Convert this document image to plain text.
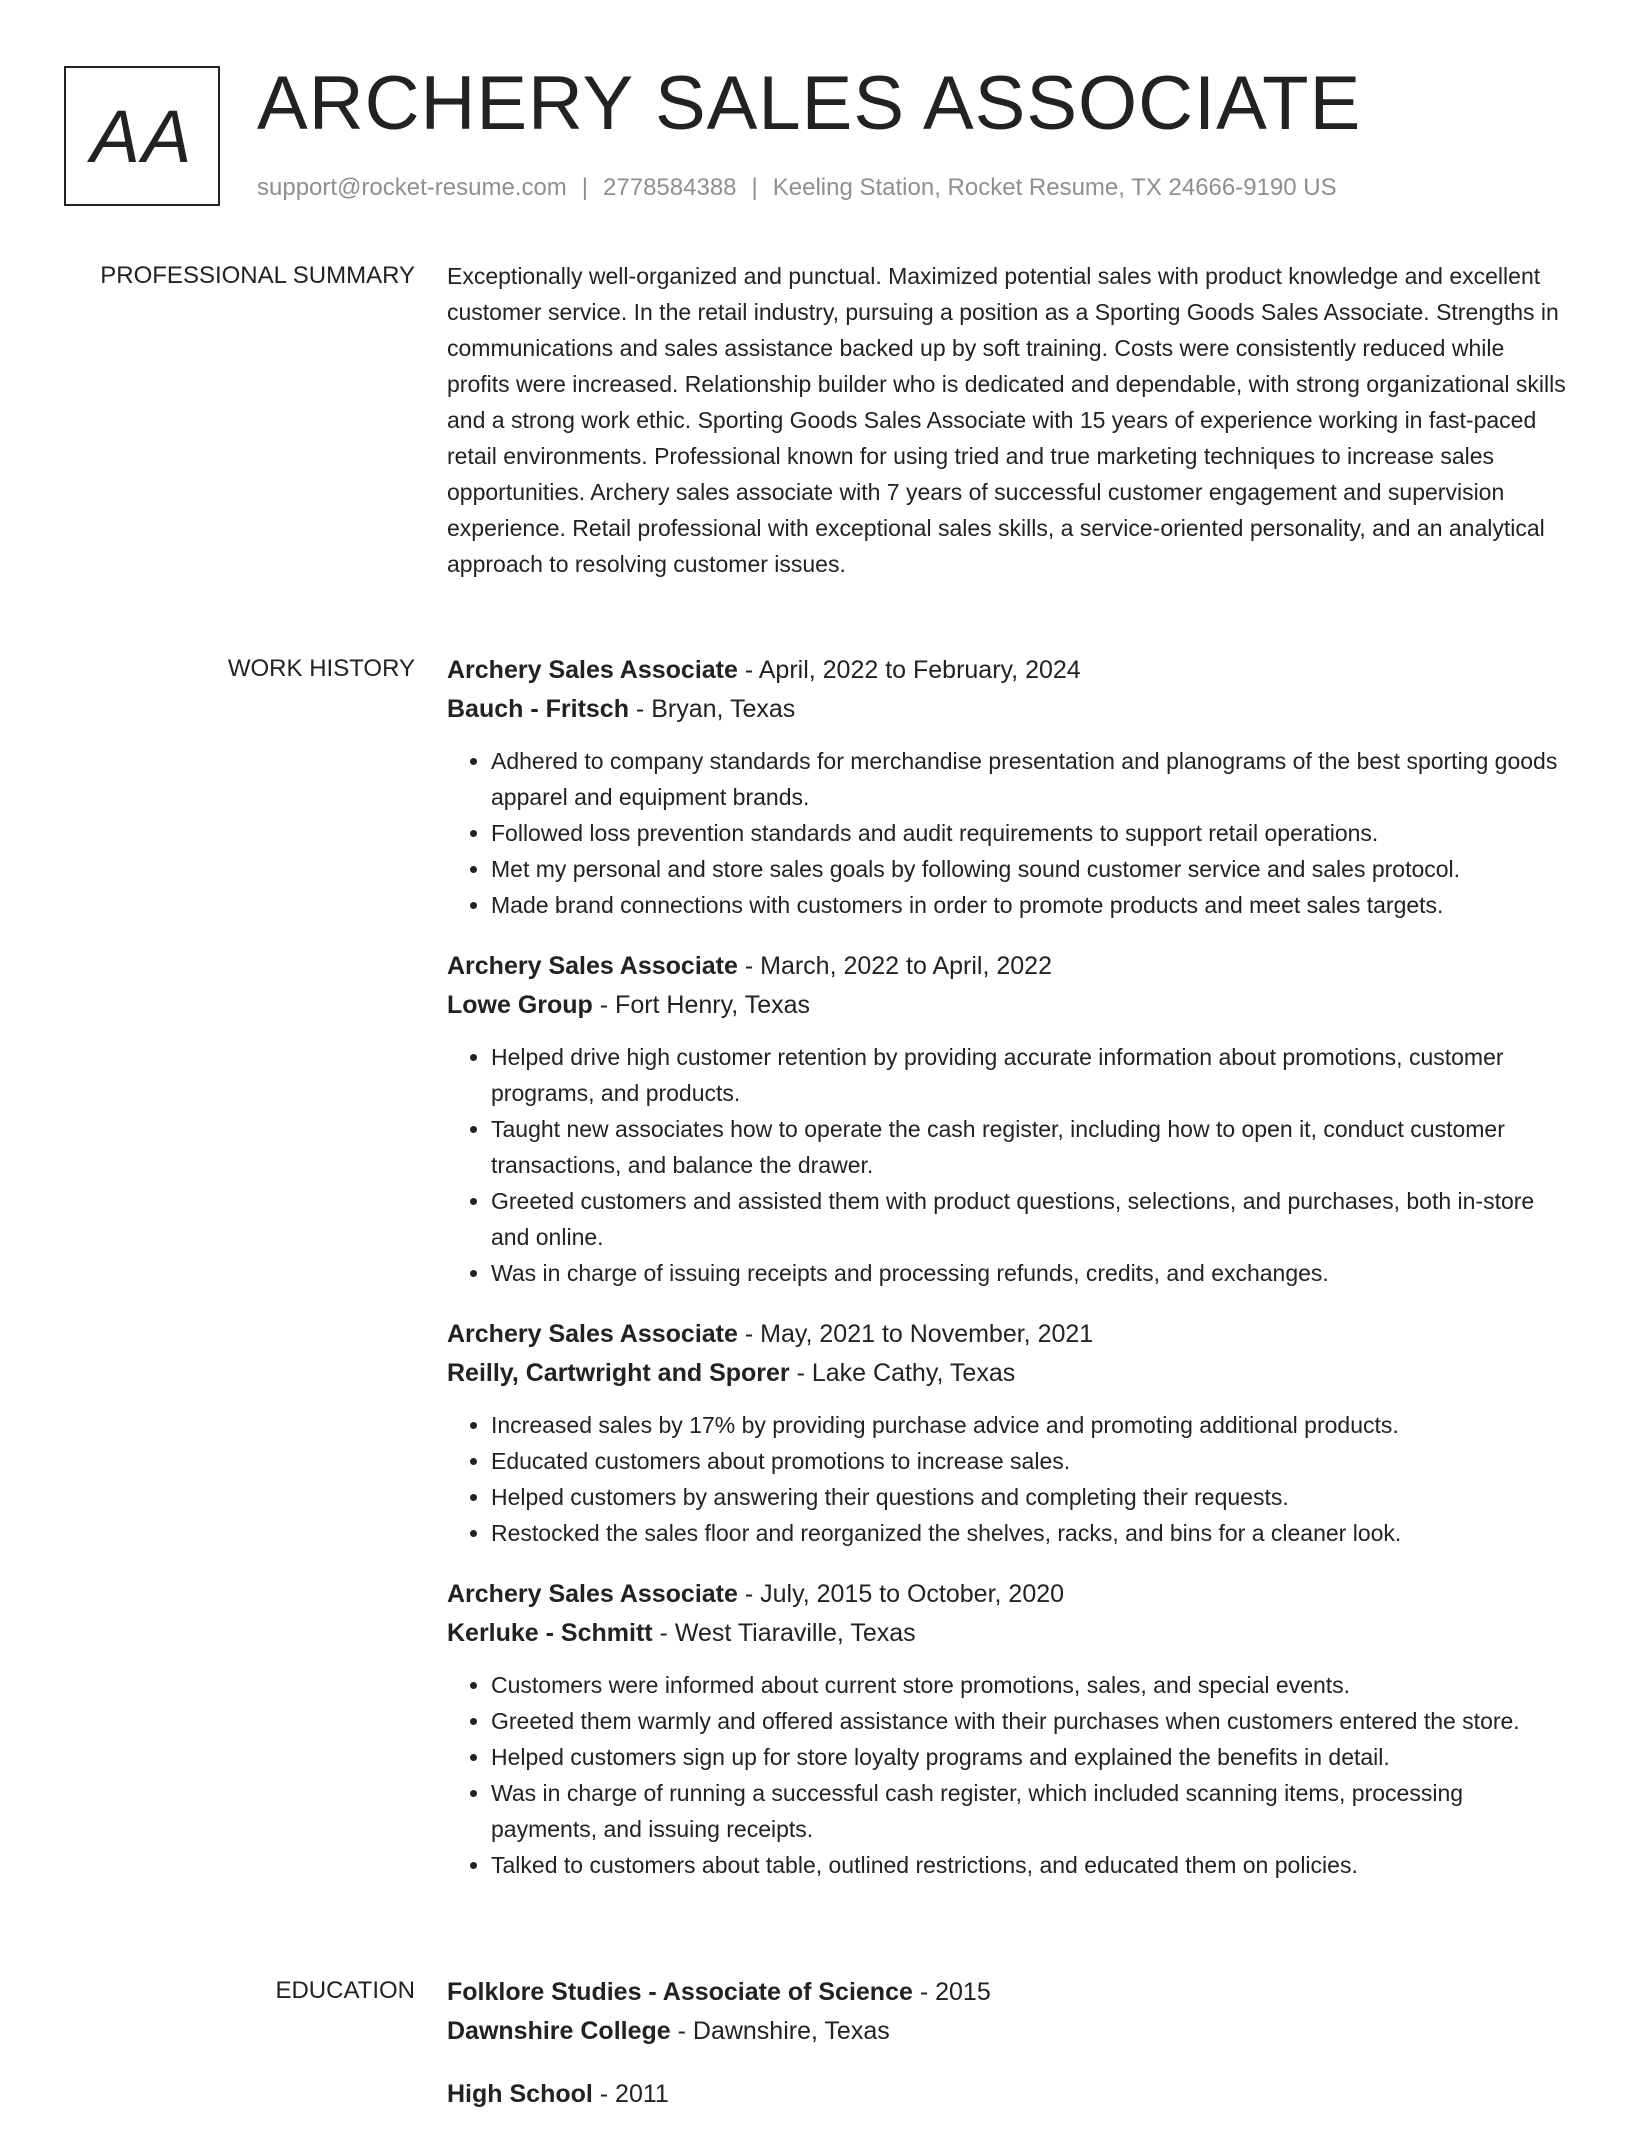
AA ARCHERY SALES ASSOCIATE
support@rocket-resume.com | 2778584388 | Keeling Station, Rocket Resume, TX 24666-9190 US
PROFESSIONAL SUMMARY Exceptionally well-organized and punctual. Maximized potential sales with product knowledge and excellent customer service. In the retail industry, pursuing a position as a Sporting Goods Sales Associate. Strengths in communications and sales assistance backed up by soft training. Costs were consistently reduced while profits were increased. Relationship builder who is dedicated and dependable, with strong organizational skills and a strong work ethic. Sporting Goods Sales Associate with 15 years of experience working in fast-paced retail environments. Professional known for using tried and true marketing techniques to increase sales opportunities. Archery sales associate with 7 years of successful customer engagement and supervision experience. Retail professional with exceptional sales skills, a service-oriented personality, and an analytical approach to resolving customer issues.

WORK HISTORY Archery Sales Associate - April, 2022 to February, 2024
Bauch - Fritsch - Bryan, Texas
• Adhered to company standards for merchandise presentation and planograms of the best sporting goods apparel and equipment brands.
• Followed loss prevention standards and audit requirements to support retail operations.
• Met my personal and store sales goals by following sound customer service and sales protocol.
• Made brand connections with customers in order to promote products and meet sales targets.
Archery Sales Associate - March, 2022 to April, 2022
Lowe Group - Fort Henry, Texas
• Helped drive high customer retention by providing accurate information about promotions, customer programs, and products.
• Taught new associates how to operate the cash register, including how to open it, conduct customer transactions, and balance the drawer.
• Greeted customers and assisted them with product questions, selections, and purchases, both in-store and online.
• Was in charge of issuing receipts and processing refunds, credits, and exchanges.
Archery Sales Associate - May, 2021 to November, 2021
Reilly, Cartwright and Sporer - Lake Cathy, Texas
• Increased sales by 17% by providing purchase advice and promoting additional products.
• Educated customers about promotions to increase sales.
• Helped customers by answering their questions and completing their requests.
• Restocked the sales floor and reorganized the shelves, racks, and bins for a cleaner look.
Archery Sales Associate - July, 2015 to October, 2020
Kerluke - Schmitt - West Tiaraville, Texas
• Customers were informed about current store promotions, sales, and special events.
• Greeted them warmly and offered assistance with their purchases when customers entered the store.
• Helped customers sign up for store loyalty programs and explained the benefits in detail.
• Was in charge of running a successful cash register, which included scanning items, processing payments, and issuing receipts.
• Talked to customers about table, outlined restrictions, and educated them on policies.
EDUCATION Folklore Studies - Associate of Science - 2015
Dawnshire College - Dawnshire, Texas
High School - 2011
